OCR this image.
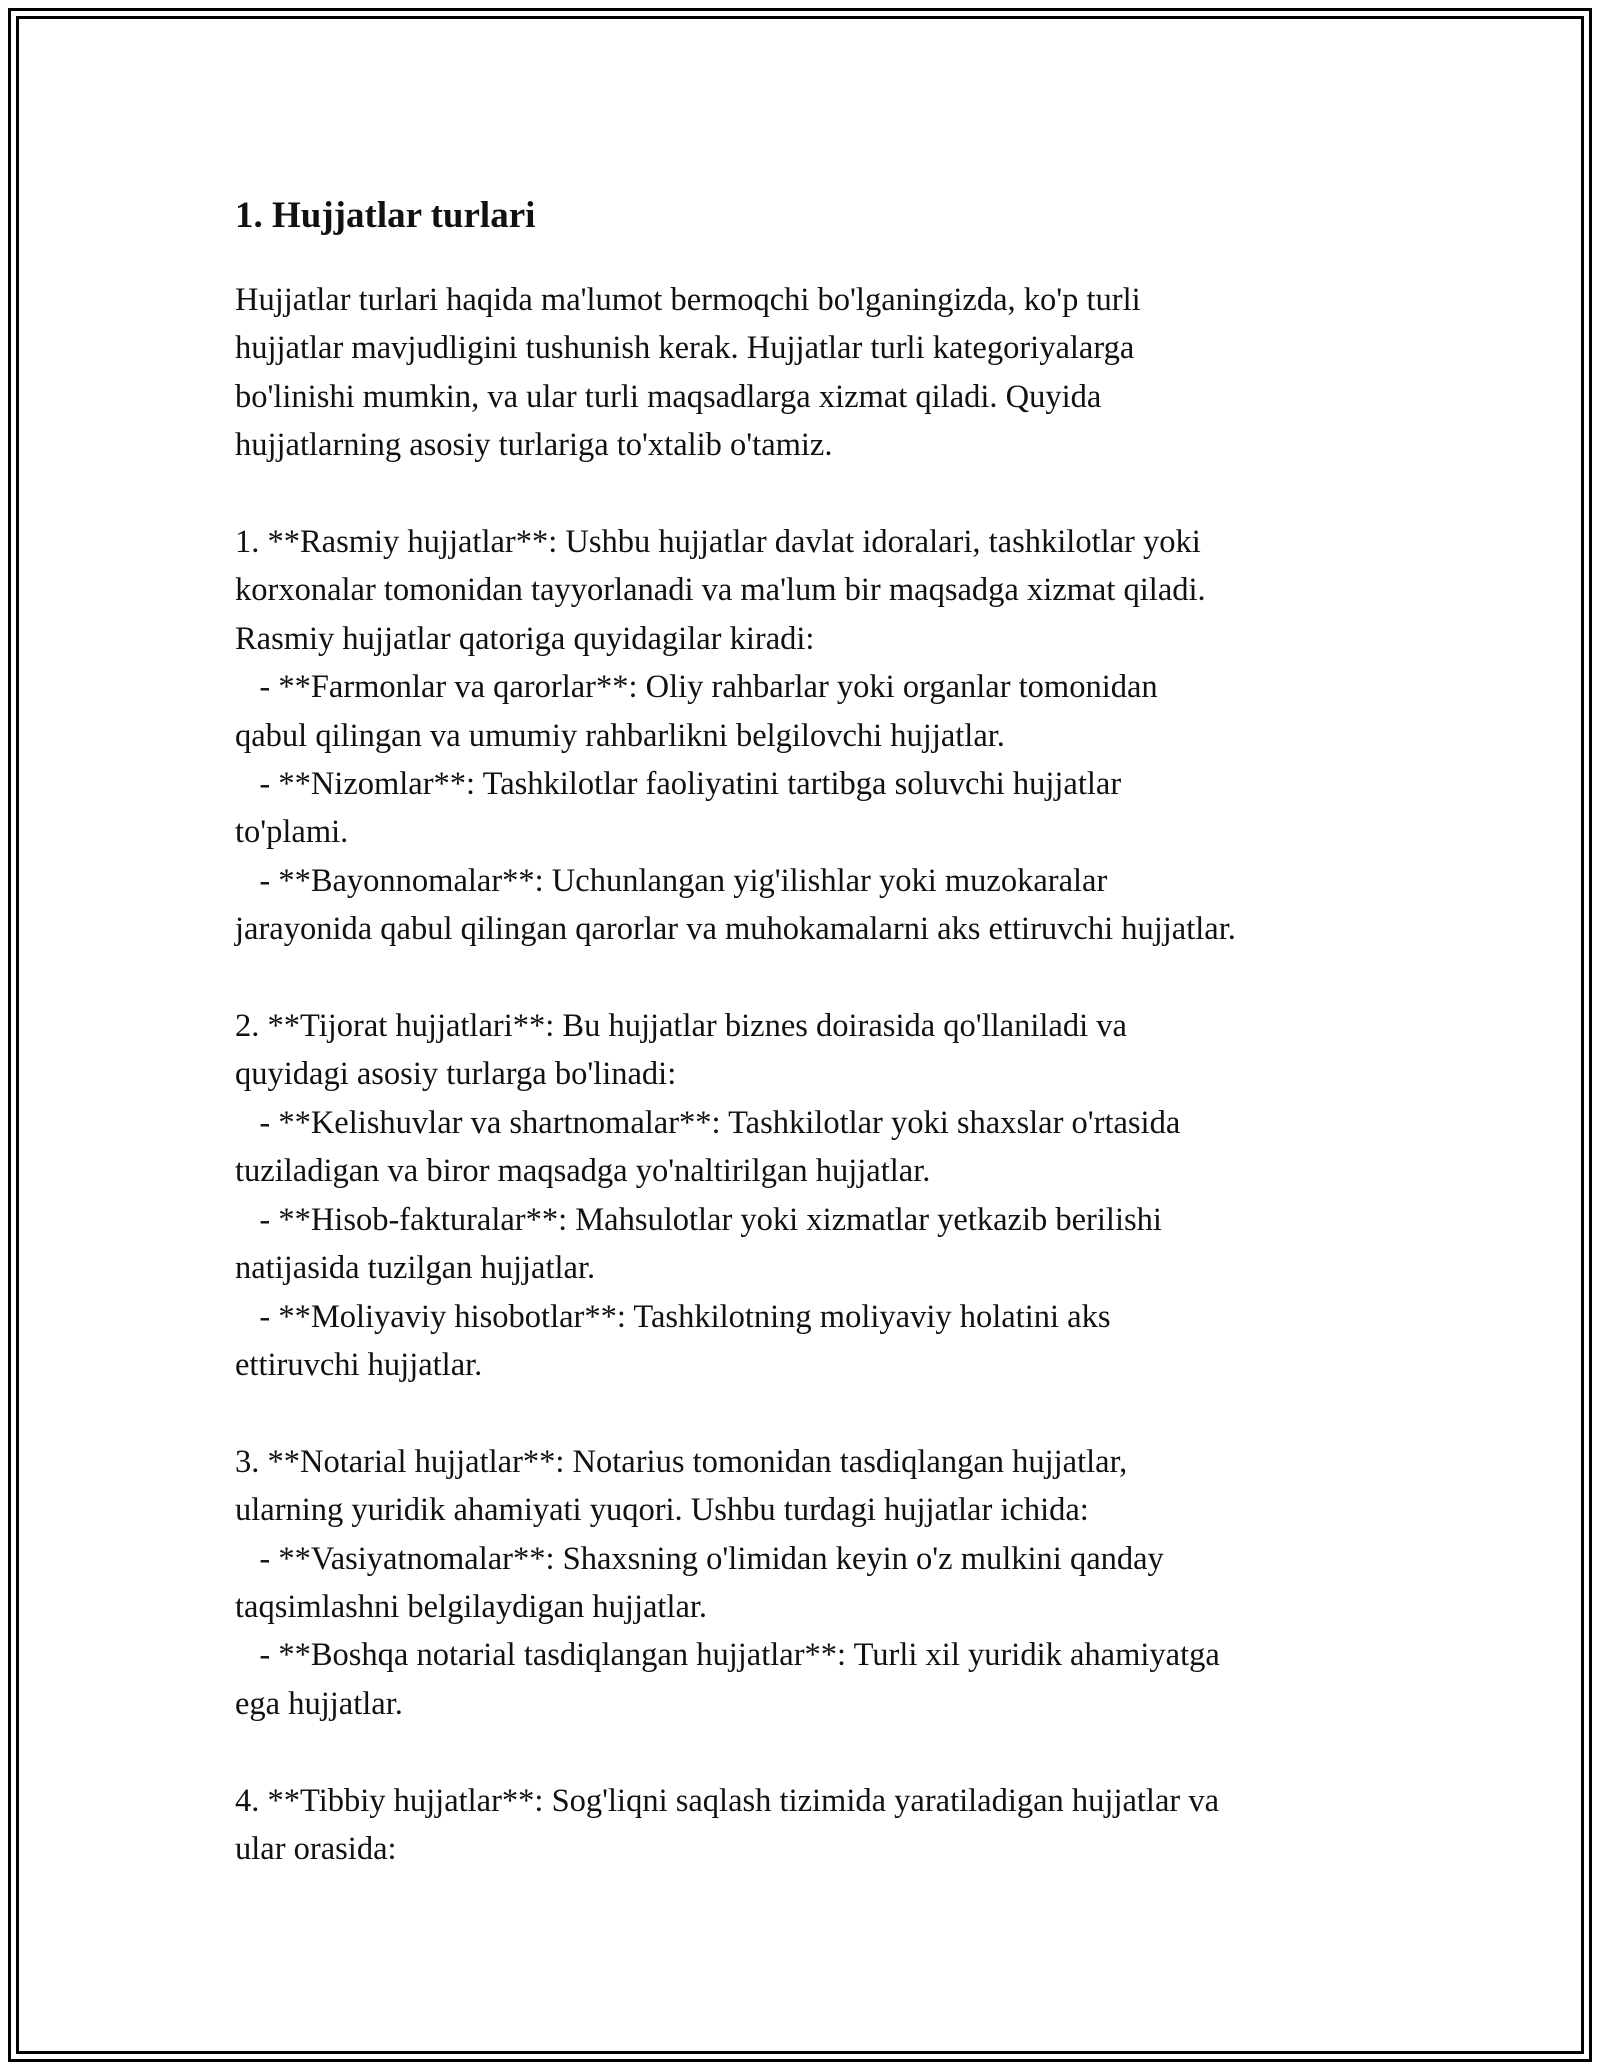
1. Hujjatlar turlari
Hujjatlar turlari haqida ma'lumot bermoqchi bo'lganingizda, ko'p turli
hujjatlar mavjudligini tushunish kerak. Hujjatlar turli kategoriyalarga
bo'linishi mumkin, va ular turli maqsadlarga xizmat qiladi. Quyida
hujjatlarning asosiy turlariga to'xtalib o'tamiz.
1. **Rasmiy hujjatlar**: Ushbu hujjatlar davlat idoralari, tashkilotlar yoki
korxonalar tomonidan tayyorlanadi va ma'lum bir maqsadga xizmat qiladi.
Rasmiy hujjatlar qatoriga quyidagilar kiradi:
- **Farmonlar va qarorlar**: Oliy rahbarlar yoki organlar tomonidan
qabul qilingan va umumiy rahbarlikni belgilovchi hujjatlar.
- **Nizomlar**: Tashkilotlar faoliyatini tartibga soluvchi hujjatlar
to'plami.
- **Bayonnomalar**: Uchunlangan yig'ilishlar yoki muzokaralar
jarayonida qabul qilingan qarorlar va muhokamalarni aks ettiruvchi hujjatlar.
2. **Tijorat hujjatlari**: Bu hujjatlar biznes doirasida qo'llaniladi va
quyidagi asosiy turlarga bo'linadi:
- **Kelishuvlar va shartnomalar**: Tashkilotlar yoki shaxslar o'rtasida
tuziladigan va biror maqsadga yo'naltirilgan hujjatlar.
- **Hisob-fakturalar**: Mahsulotlar yoki xizmatlar yetkazib berilishi
natijasida tuzilgan hujjatlar.
- **Moliyaviy hisobotlar**: Tashkilotning moliyaviy holatini aks
ettiruvchi hujjatlar.
3. **Notarial hujjatlar**: Notarius tomonidan tasdiqlangan hujjatlar,
ularning yuridik ahamiyati yuqori. Ushbu turdagi hujjatlar ichida:
- **Vasiyatnomalar**: Shaxsning o'limidan keyin o'z mulkini qanday
taqsimlashni belgilaydigan hujjatlar.
- **Boshqa notarial tasdiqlangan hujjatlar**: Turli xil yuridik ahamiyatga
ega hujjatlar.
4. **Tibbiy hujjatlar**: Sog'liqni saqlash tizimida yaratiladigan hujjatlar va
ular orasida:
